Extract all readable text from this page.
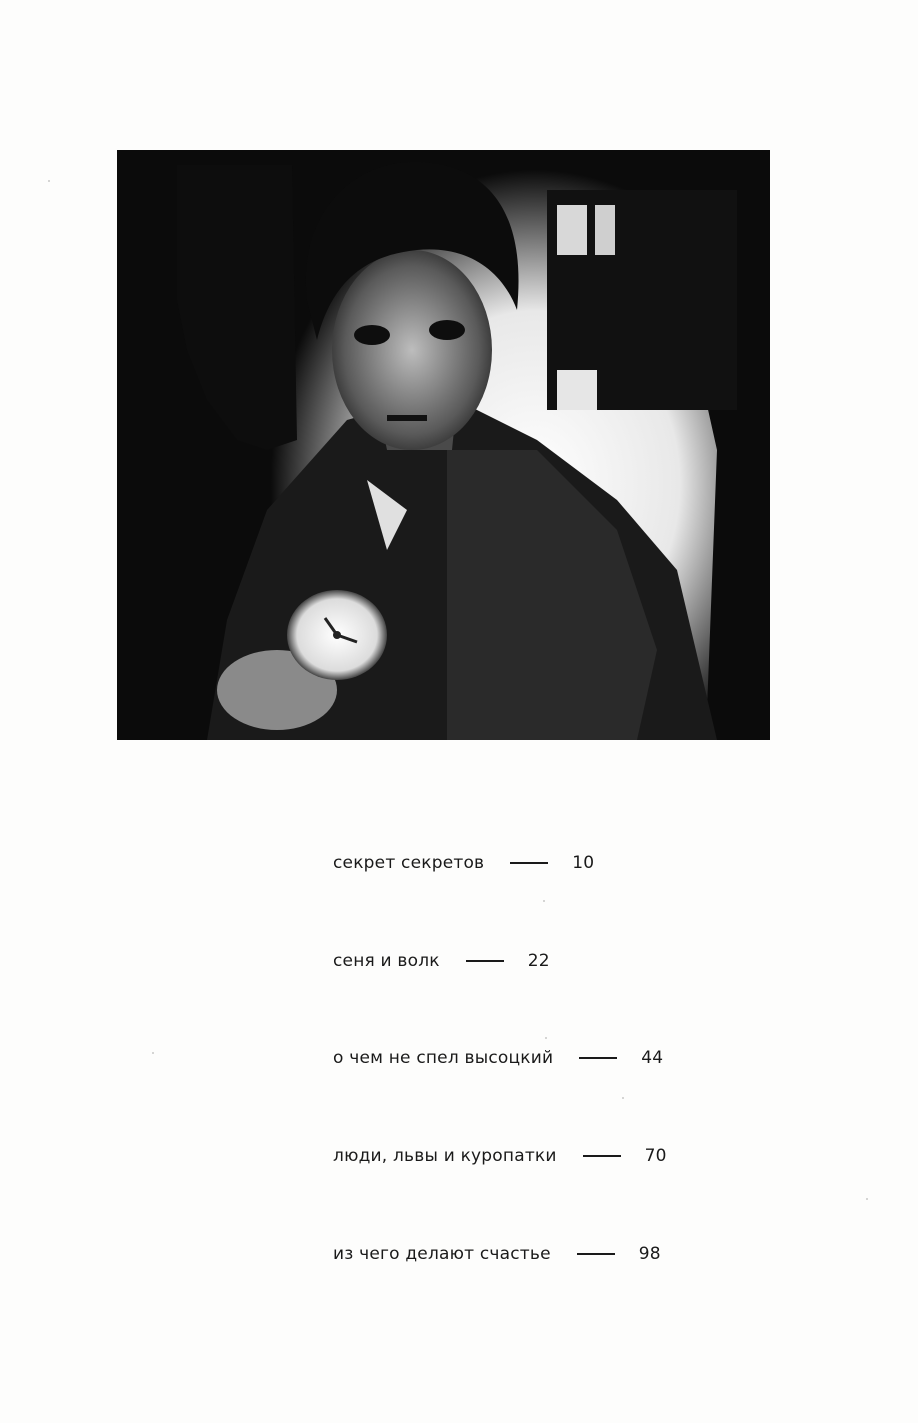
секрет секретов	10
сеня и волк	22
о чем не спел высоцкий	44
люди, львы и куропатки	70
из чего делают счастье	98
